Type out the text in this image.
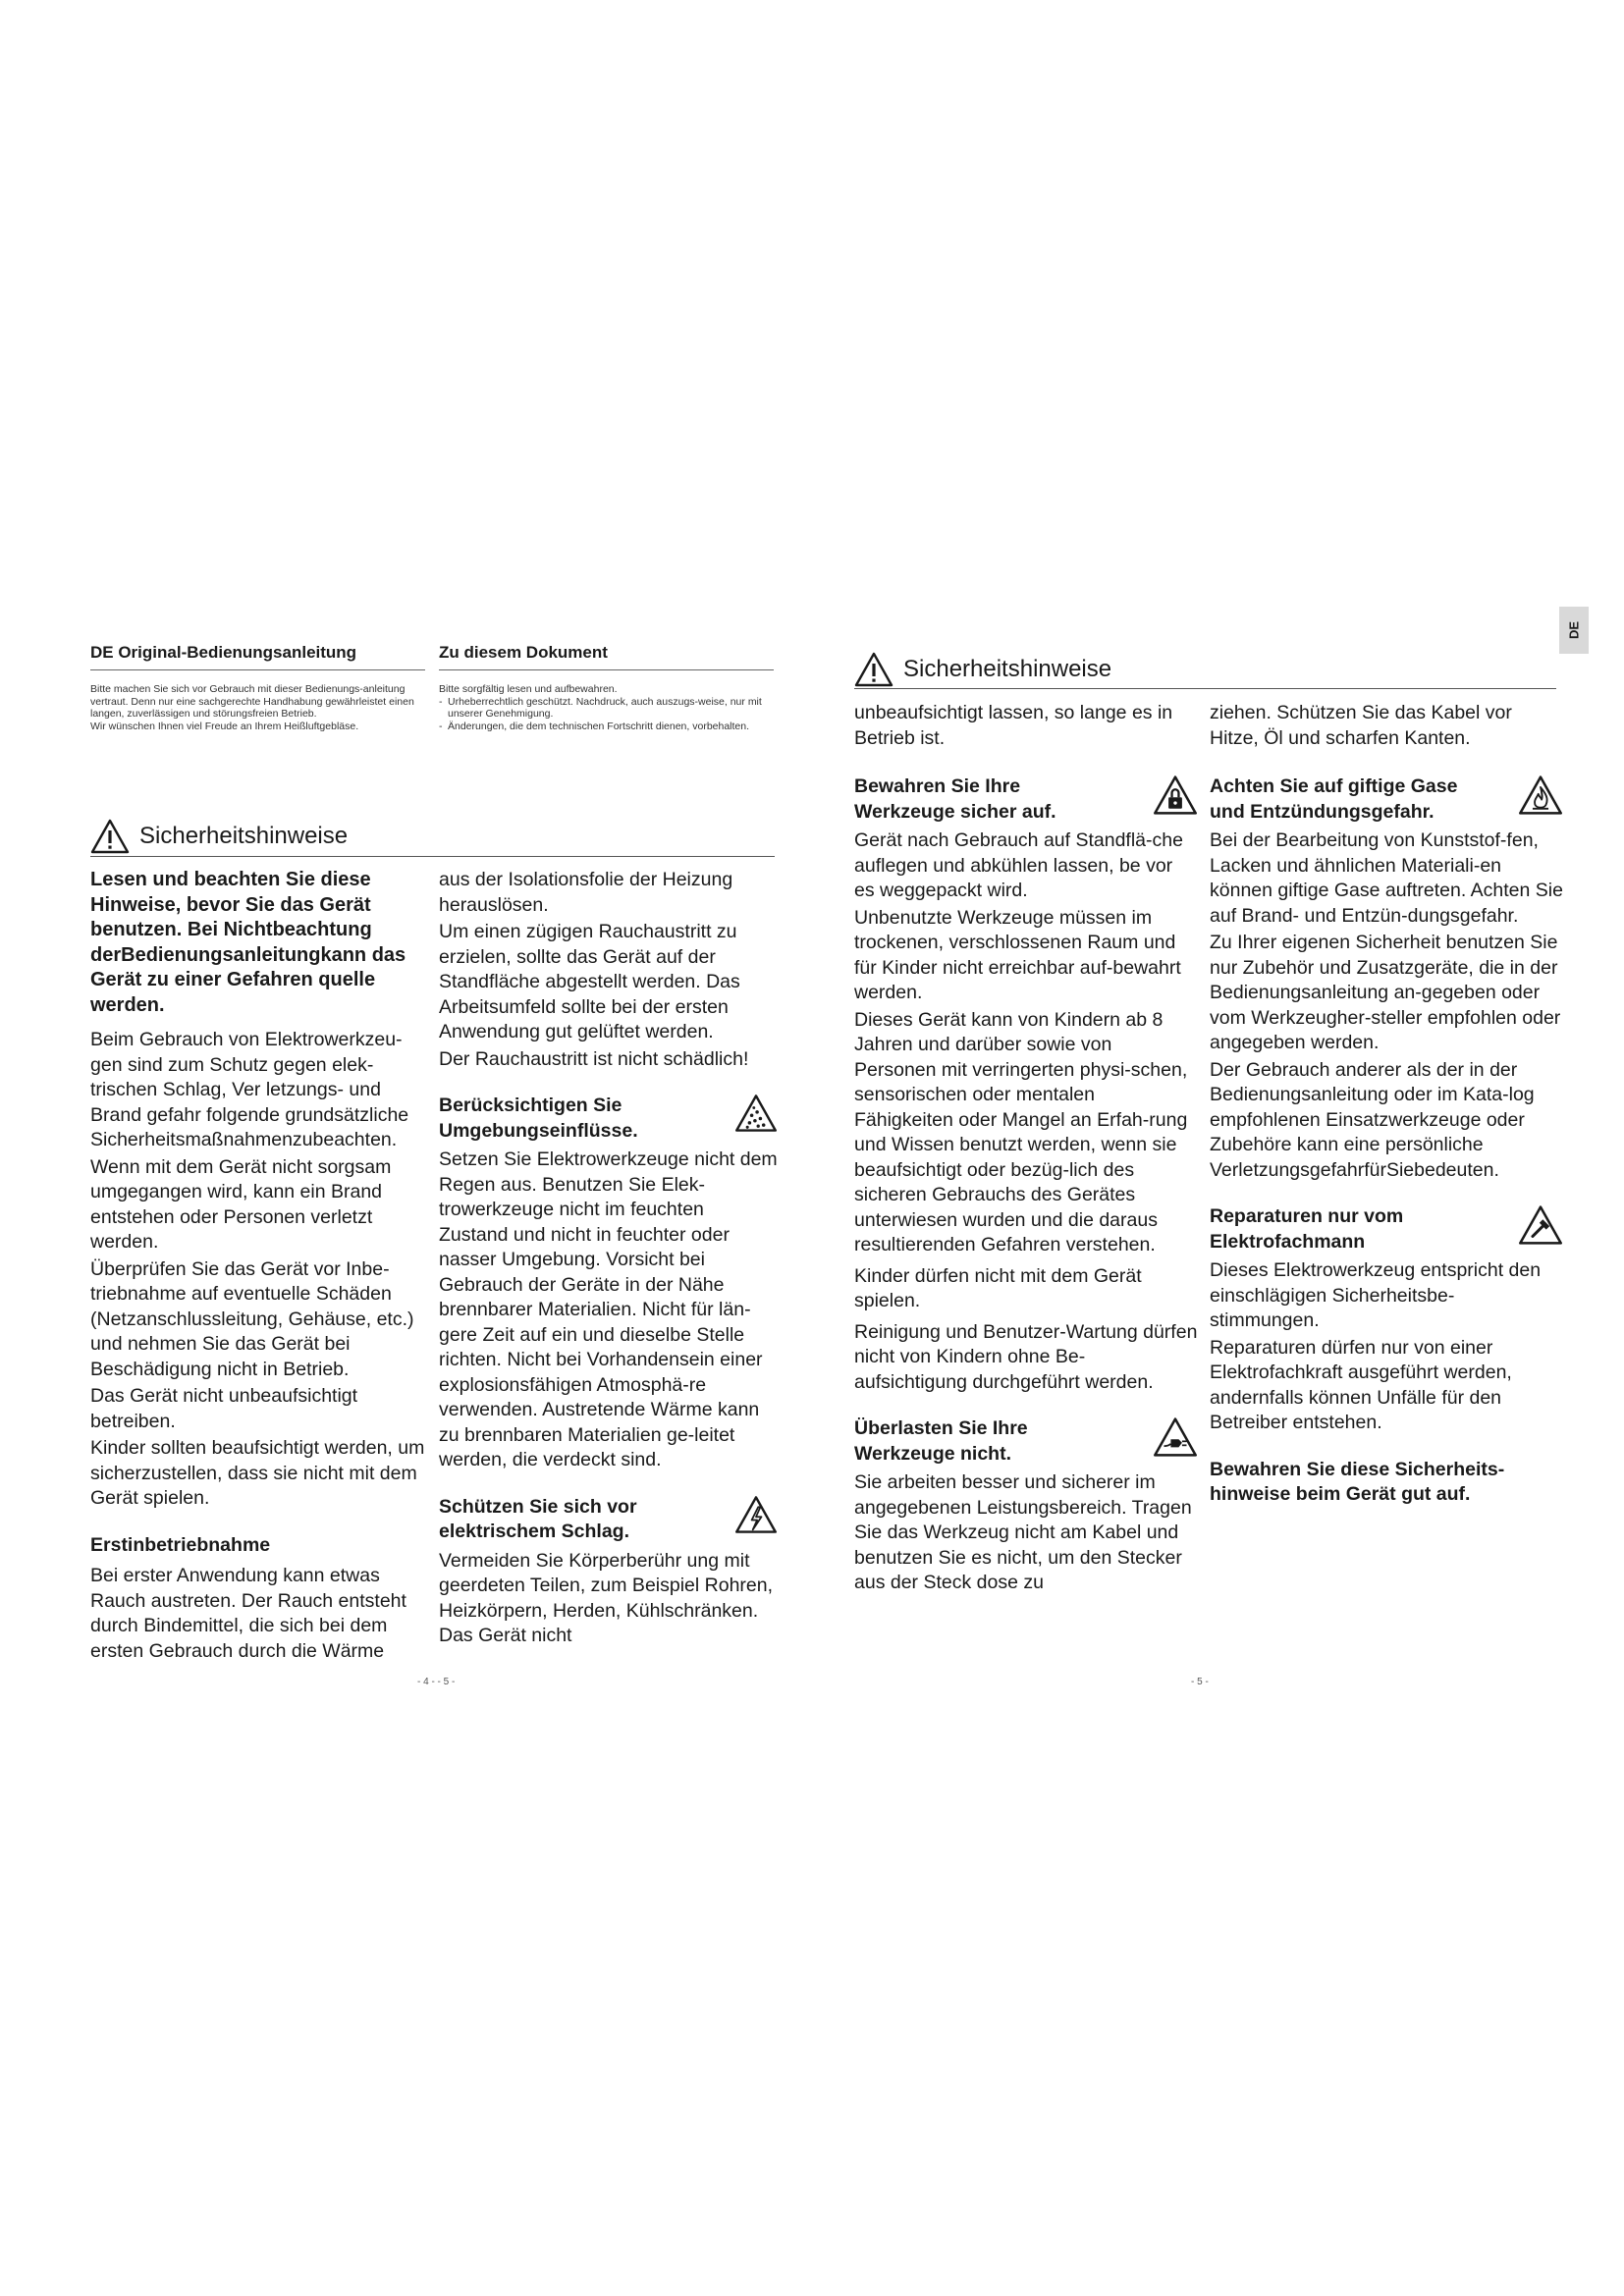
DE Original-Bedienungsanleitung	Zu diesem Dokument

Bitte machen Sie sich vor Gebrauch mit dieser Bedienungs-anleitung vertraut. Denn nur eine sachgerechte Handhabung gewährleistet einen langen, zuverlässigen und störungsfreien Betrieb.

Wir wünschen Ihnen viel Freude an Ihrem Heißluftgebläse.

Bitte sorgfältig lesen und aufbewahren.

- Urheberrechtlich geschützt. Nachdruck, auch auszugs-weise, nur mit unserer Genehmigung.
- Änderungen, die dem technischen Fortschritt dienen, vorbehalten.
Sicherheitshinweise

Lesen und beachten Sie diese Hinweise, bevor Sie das Gerät benutzen. Bei Nichtbeachtung derBedienungsanleitungkann das Gerät zu einer Gefahren quelle werden.

Beim Gebrauch von Elektrowerkzeu-gen sind zum Schutz gegen elek-trischen Schlag, Ver letzungs- und Brand gefahr folgende grundsätzliche Sicherheitsmaßnahmenzubeachten.

Wenn mit dem Gerät nicht sorgsam umgegangen wird, kann ein Brand entstehen oder Personen verletzt werden.

Überprüfen Sie das Gerät vor Inbe-triebnahme auf eventuelle Schäden (Netzanschlussleitung, Gehäuse, etc.) und nehmen Sie das Gerät bei Beschädigung nicht in Betrieb.

Das Gerät nicht unbeaufsichtigt betreiben.

Kinder sollten beaufsichtigt werden, um sicherzustellen, dass sie nicht mit dem Gerät spielen.

Erstinbetriebnahme

Bei erster Anwendung kann etwas Rauch austreten. Der Rauch entsteht durch Bindemittel, die sich bei dem ersten Gebrauch durch die Wärme

aus der Isolationsfolie der Heizung herauslösen.

Um einen zügigen Rauchaustritt zu erzielen, sollte das Gerät auf der Standfläche abgestellt werden. Das Arbeitsumfeld sollte bei der ersten Anwendung gut gelüftet werden.

Der Rauchaustritt ist nicht schädlich!

Berücksichtigen Sie Umgebungseinflüsse.

Setzen Sie Elektrowerkzeuge nicht dem Regen aus. Benutzen Sie Elek-trowerkzeuge nicht im feuchten Zustand und nicht in feuchter oder nasser Umgebung. Vorsicht bei Gebrauch der Geräte in der Nähe brennbarer Materialien. Nicht für län-gere Zeit auf ein und dieselbe Stelle richten. Nicht bei Vorhandensein einer explosionsfähigen Atmosphä-re verwenden. Austretende Wärme kann zu brennbaren Materialien ge-leitet werden, die verdeckt sind.

Schützen Sie sich vor elektrischem Schlag.

Vermeiden Sie Körperberühr ung mit geerdeten Teilen, zum Beispiel Rohren, Heizkörpern, Herden, Kühlschränken. Das Gerät nicht

- 4 - - 5 -
DE
Sicherheitshinweise

unbeaufsichtigt lassen, so lange es in Betrieb ist.

Bewahren Sie Ihre Werkzeuge sicher auf.

Gerät nach Gebrauch auf Standflä-che auflegen und abkühlen lassen, be vor es weggepackt wird.

Unbenutzte Werkzeuge müssen im trockenen, verschlossenen Raum und für Kinder nicht erreichbar auf-bewahrt werden.

Dieses Gerät kann von Kindern ab 8 Jahren und darüber sowie von Personen mit verringerten physi-schen, sensorischen oder mentalen Fähigkeiten oder Mangel an Erfah-rung und Wissen benutzt werden, wenn sie beaufsichtigt oder bezüg-lich des sicheren Gebrauchs des Gerätes unterwiesen wurden und die daraus resultierenden Gefahren verstehen.

Kinder dürfen nicht mit dem Gerät spielen.

Reinigung und Benutzer-Wartung dürfen nicht von Kindern ohne Be-aufsichtigung durchgeführt werden.

Überlasten Sie Ihre Werkzeuge nicht.

Sie arbeiten besser und sicherer im angegebenen Leistungsbereich. Tragen Sie das Werkzeug nicht am Kabel und benutzen Sie es nicht, um den Stecker aus der Steck dose zu

ziehen. Schützen Sie das Kabel vor Hitze, Öl und scharfen Kanten.

Achten Sie auf giftige Gase und Entzündungsgefahr.

Bei der Bearbeitung von Kunststof-fen, Lacken und ähnlichen Materiali-en können giftige Gase auftreten. Achten Sie auf Brand- und Entzün-dungsgefahr.

Zu Ihrer eigenen Sicherheit benutzen Sie nur Zubehör und Zusatzgeräte, die in der Bedienungsanleitung an-gegeben oder vom Werkzeugher-steller empfohlen oder angegeben werden.

Der Gebrauch anderer als der in der Bedienungsanleitung oder im Kata-log empfohlenen Einsatzwerkzeuge oder Zubehöre kann eine persönliche VerletzungsgefahrfürSiebedeuten.

Reparaturen nur vom Elektrofachmann

Dieses Elektrowerkzeug entspricht den einschlägigen Sicherheitsbe-stimmungen.

Reparaturen dürfen nur von einer Elektrofachkraft ausgeführt werden, andernfalls können Unfälle für den Betreiber entstehen.

Bewahren Sie diese Sicherheits-hinweise beim Gerät gut auf.

- 5 -
